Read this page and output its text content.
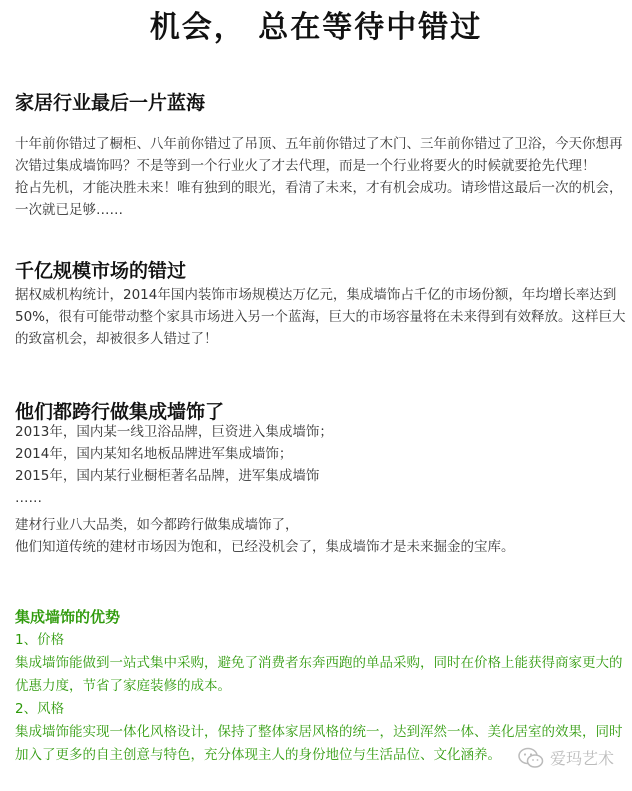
机会， 总在等待中错过
家居行业最后一片蓝海
十年前你错过了橱柜、八年前你错过了吊顶、五年前你错过了木门、三年前你错过了卫浴，今天你想再
次错过集成墙饰吗？不是等到一个行业火了才去代理，而是一个行业将要火的时候就要抢先代理！
抢占先机，才能决胜未来！唯有独到的眼光，看清了未来，才有机会成功。请珍惜这最后一次的机会，
一次就已足够……
千亿规模市场的错过
据权威机构统计，2014年国内装饰市场规模达万亿元，集成墙饰占千亿的市场份额，年均增长率达到
50%，很有可能带动整个家具市场进入另一个蓝海，巨大的市场容量将在未来得到有效释放。这样巨大
的致富机会，却被很多人错过了！
他们都跨行做集成墙饰了
2013年，国内某一线卫浴品牌，巨资进入集成墙饰；
2014年，国内某知名地板品牌进军集成墙饰；
2015年，国内某行业橱柜著名品牌，进军集成墙饰
……
建材行业八大品类，如今都跨行做集成墙饰了，
他们知道传统的建材市场因为饱和，已经没机会了，集成墙饰才是未来掘金的宝库。
集成墙饰的优势
1、价格
集成墙饰能做到一站式集中采购，避免了消费者东奔西跑的单品采购，同时在价格上能获得商家更大的
优惠力度，节省了家庭装修的成本。
2、风格
集成墙饰能实现一体化风格设计，保持了整体家居风格的统一，达到浑然一体、美化居室的效果，同时
加入了更多的自主创意与特色，充分体现主人的身份地位与生活品位、文化涵养。	爱玛艺术
